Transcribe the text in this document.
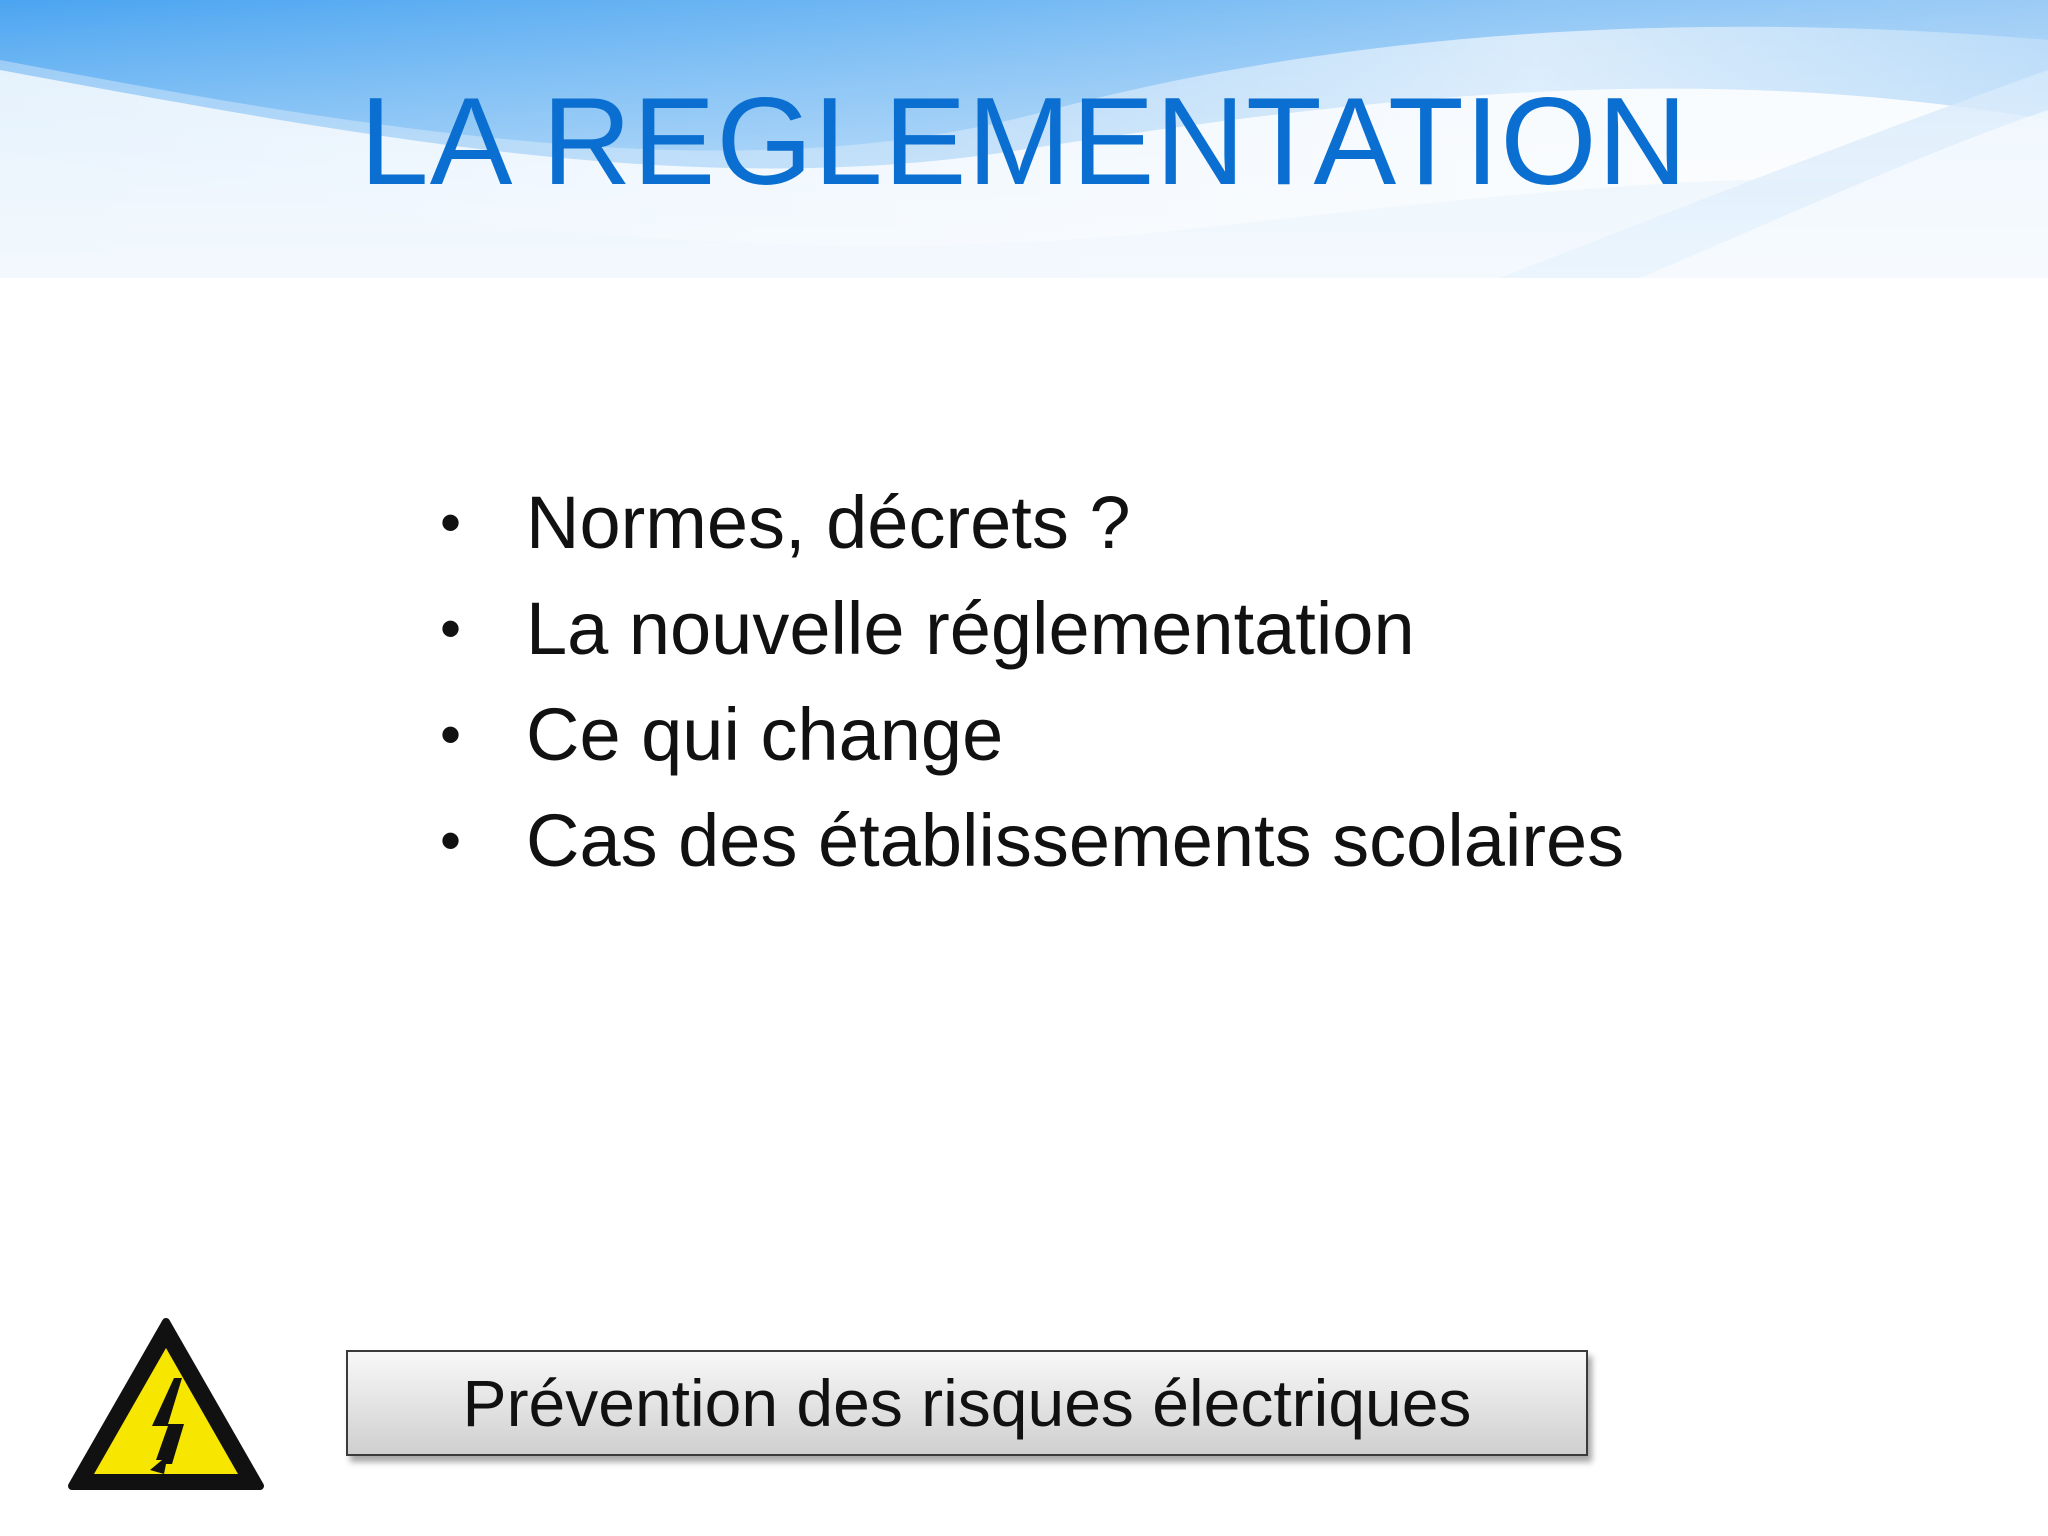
LA REGLEMENTATION
• Normes, décrets ?
• La nouvelle réglementation
• Ce qui change
• Cas des établissements scolaires
Prévention des risques électriques
